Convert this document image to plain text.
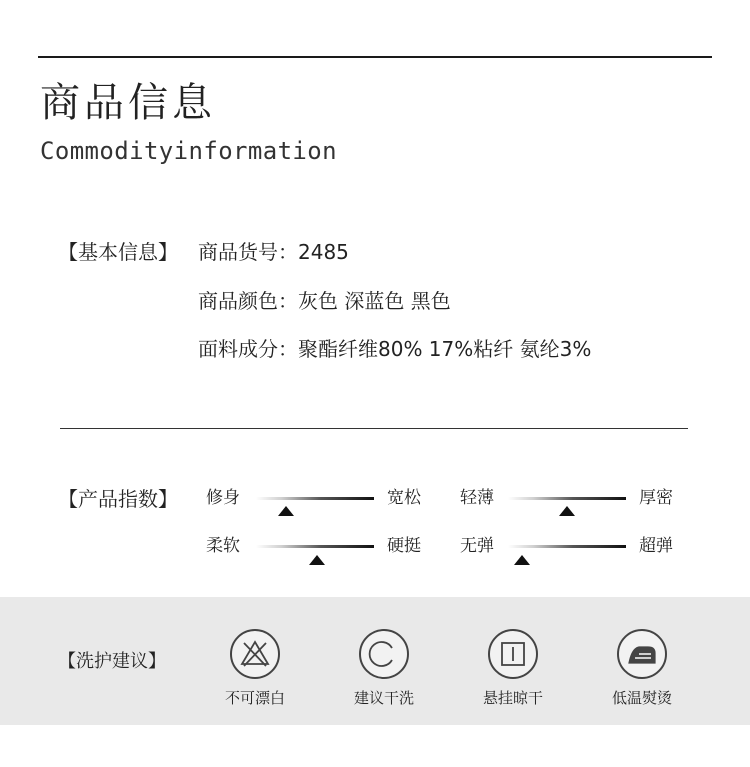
商品信息
Commodityinformation
【基本信息】 商品货号：2485
商品颜色：灰色 深蓝色 黑色
面料成分：聚酯纤维80% 17%粘纤 氨纶3%
【产品指数】 修身	宽松 轻薄	厚密
柔软	硬挺 无弹	超弹
【洗护建议】
不可漂白	建议干洗	悬挂晾干	低温熨烫
